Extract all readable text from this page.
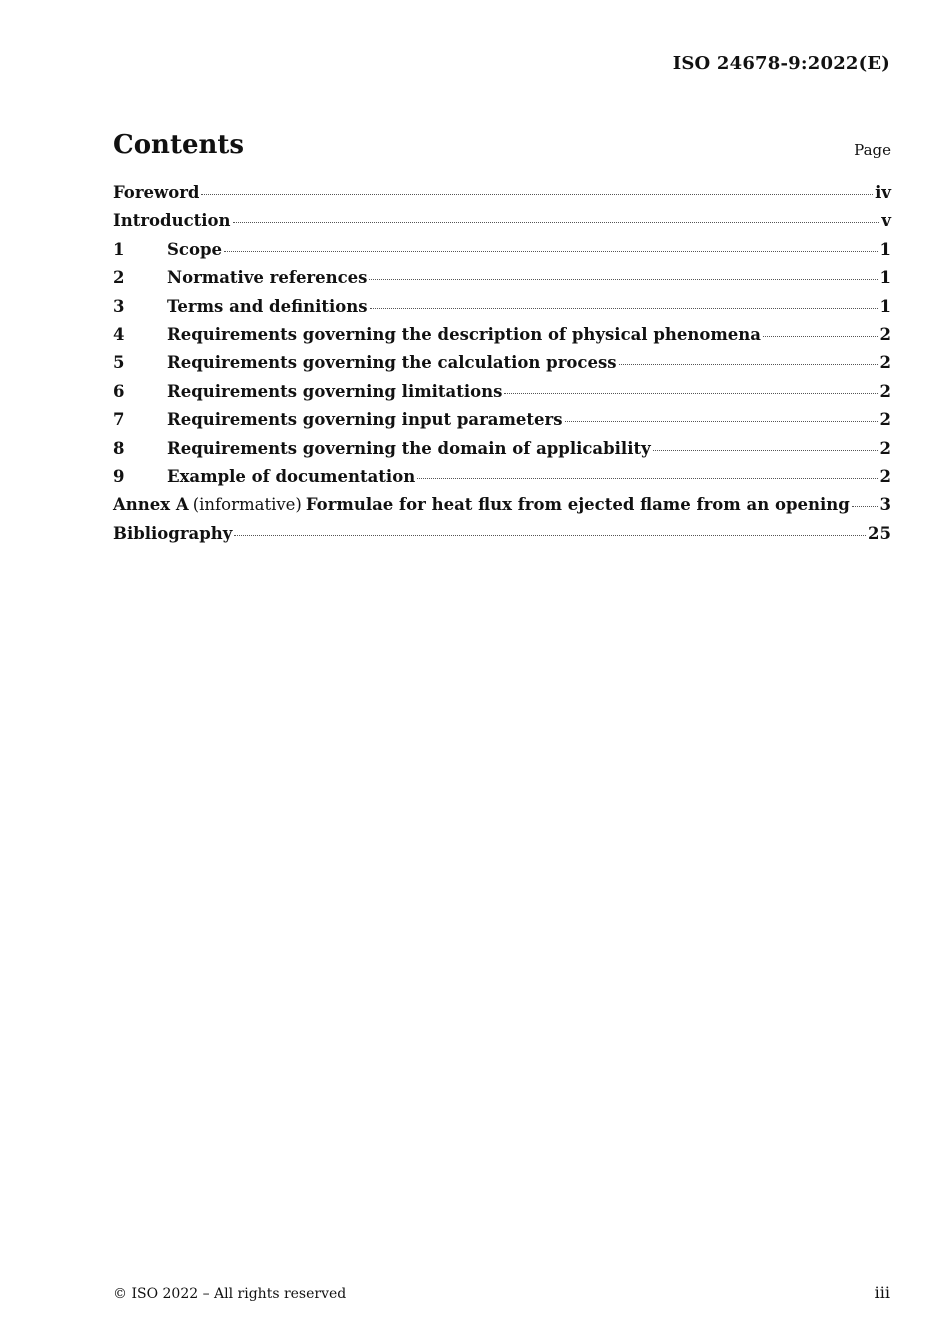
ISO 24678-9:2022(E)
Contents	Page
Foreword	iv
Introduction	v
1	Scope	1
2	Normative references	1
3	Terms and definitions	1
4	Requirements governing the description of physical phenomena	2
5	Requirements governing the calculation process	2
6	Requirements governing limitations	2
7	Requirements governing input parameters	2
8	Requirements governing the domain of applicability	2
9	Example of documentation	2
Annex A (informative) Formulae for heat flux from ejected flame from an opening 3
Bibliography	25
© ISO 2022 – All rights reserved	iii
